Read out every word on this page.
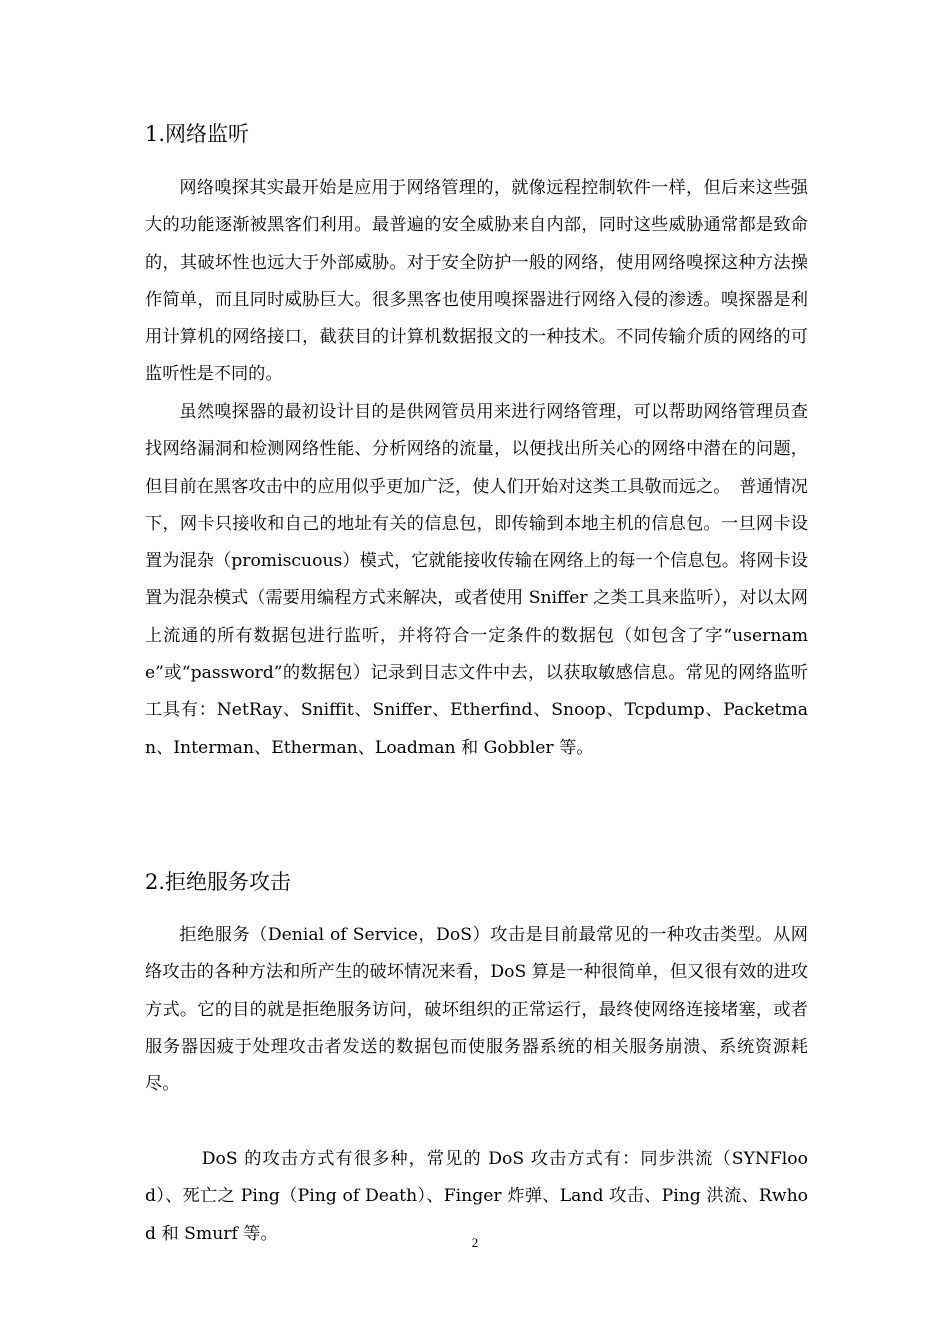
1.网络监听

网络嗅探其实最开始是应用于网络管理的，就像远程控制软件一样，但后来这些强大的功能逐渐被黑客们利用。最普遍的安全威胁来自内部，同时这些威胁通常都是致命的，其破坏性也远大于外部威胁。对于安全防护一般的网络，使用网络嗅探这种方法操作简单，而且同时威胁巨大。很多黑客也使用嗅探器进行网络入侵的渗透。嗅探器是利用计算机的网络接口，截获目的计算机数据报文的一种技术。不同传输介质的网络的可监听性是不同的。

虽然嗅探器的最初设计目的是供网管员用来进行网络管理，可以帮助网络管理员查找网络漏洞和检测网络性能、分析网络的流量，以便找出所关心的网络中潜在的问题，但目前在黑客攻击中的应用似乎更加广泛，使人们开始对这类工具敬而远之。　普通情况下，网卡只接收和自己的地址有关的信息包，即传输到本地主机的信息包。一旦网卡设置为混杂（promiscuous）模式，它就能接收传输在网络上的每一个信息包。将网卡设置为混杂模式（需要用编程方式来解决，或者使用 Sniffer 之类工具来监听），对以太网上流通的所有数据包进行监听，并将符合一定条件的数据包（如包含了字“username”或“password”的数据包）记录到日志文件中去，以获取敏感信息。常见的网络监听工具有：NetRay、Sniffit、Sniffer、Etherfind、Snoop、Tcpdump、Packetman、Interman、Etherman、Loadman 和 Gobbler 等。

2.拒绝服务攻击

拒绝服务（Denial of Service，DoS）攻击是目前最常见的一种攻击类型。从网络攻击的各种方法和所产生的破坏情况来看，DoS 算是一种很简单，但又很有效的进攻方式。它的目的就是拒绝服务访问，破坏组织的正常运行，最终使网络连接堵塞，或者服务器因疲于处理攻击者发送的数据包而使服务器系统的相关服务崩溃、系统资源耗尽。

DoS 的攻击方式有很多种，常见的 DoS 攻击方式有：同步洪流（SYNFlood）、死亡之 Ping（Ping of Death）、Finger 炸弹、Land 攻击、Ping 洪流、Rwhod 和 Smurf 等。	2
